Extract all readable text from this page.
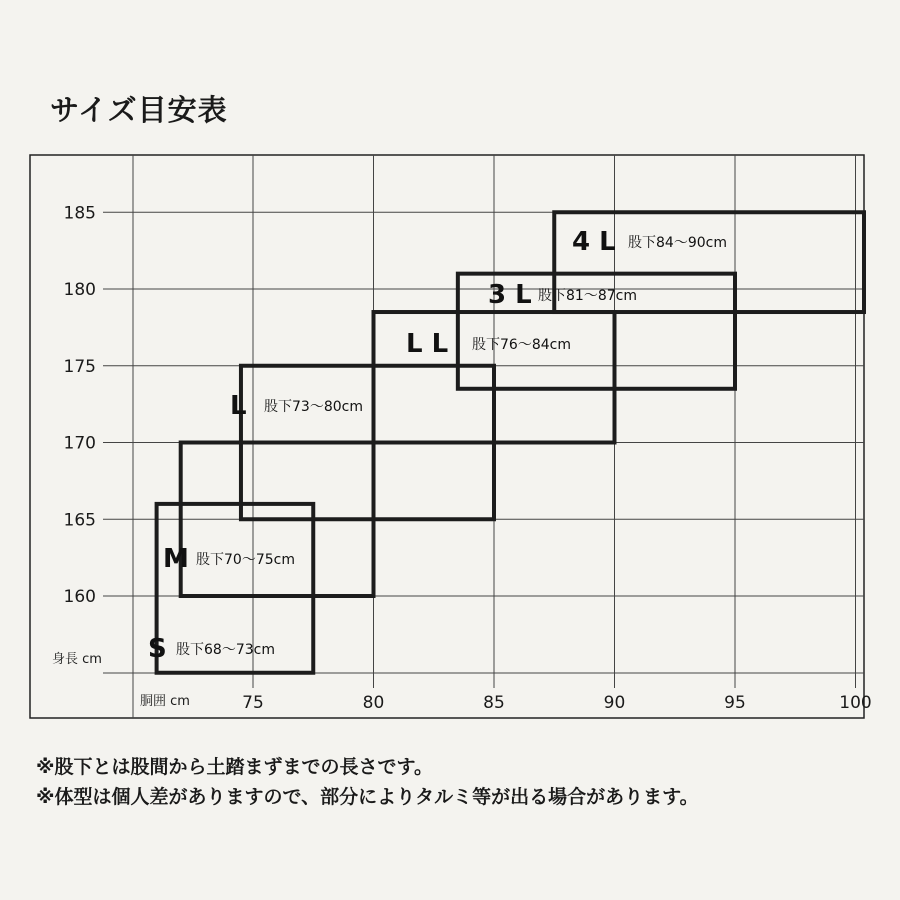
サイズ目安表
160
165
170
175
180
185
75	80	85	90	95	100
S 股下68〜73cm
M 股下70〜75cm
L 股下73〜80cm
L L 股下76〜84cm
3 L 股下81〜87cm
4 L 股下84〜90cm
身長 cm
胴囲 cm
※股下とは股間から土踏まずまでの長さです。
※体型は個人差がありますので、部分によりタルミ等が出る場合があります。
